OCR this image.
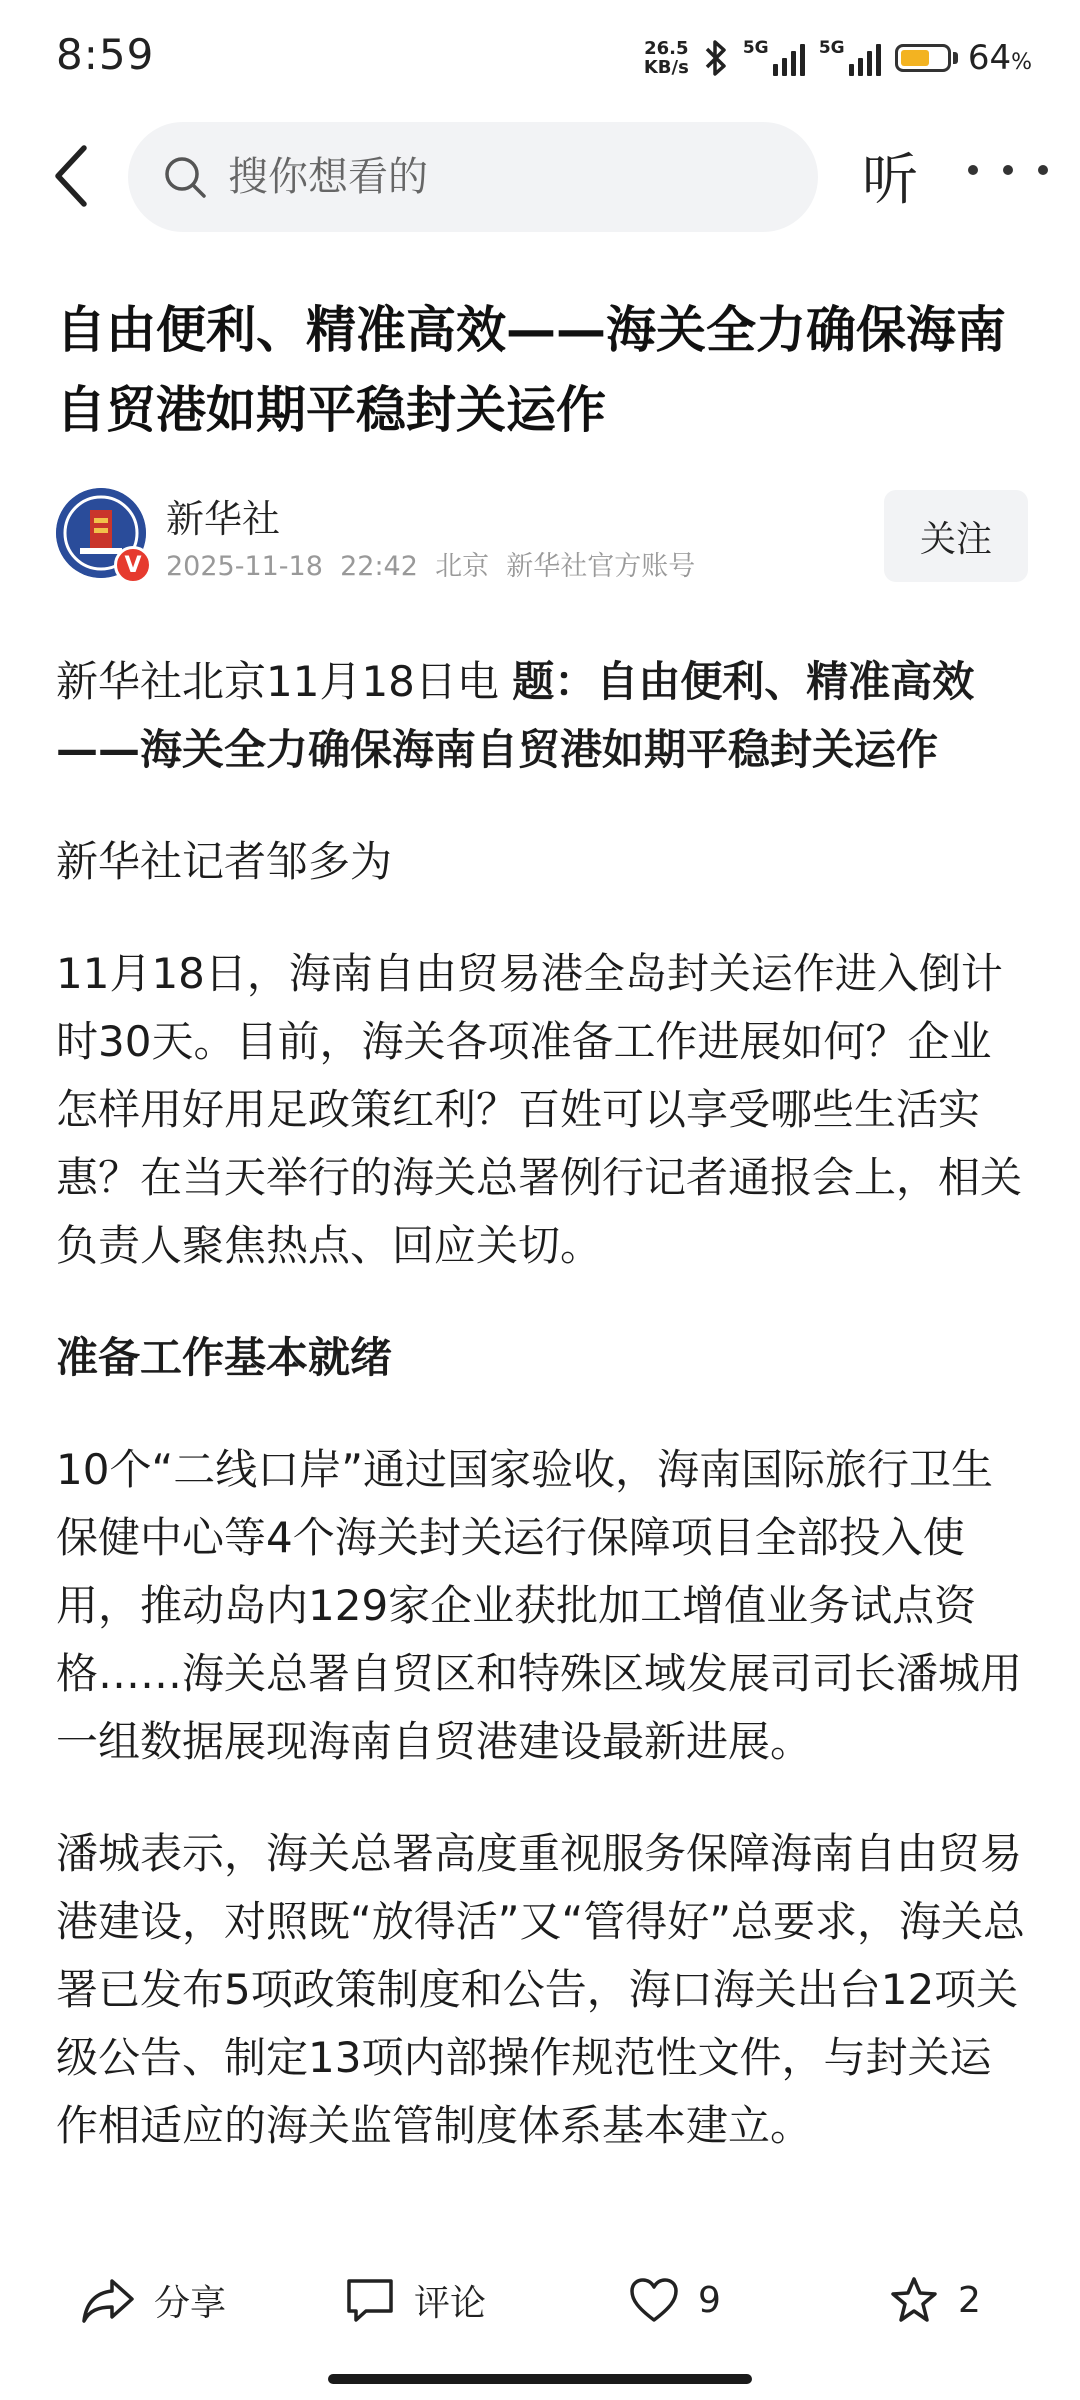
8:59	26.5
KB/s
5G	5G	64%
搜你想看的
听
自由便利、精准高效——海关全力确保海南自贸港如期平稳封关运作
V
新华社
2025-11-18 22:42 北京 新华社官方账号
关注

新华社北京11月18日电 题：自由便利、精准高效——海关全力确保海南自贸港如期平稳封关运作

新华社记者邹多为

11月18日，海南自由贸易港全岛封关运作进入倒计时30天。目前，海关各项准备工作进展如何？企业怎样用好用足政策红利？百姓可以享受哪些生活实惠？在当天举行的海关总署例行记者通报会上，相关负责人聚焦热点、回应关切。

准备工作基本就绪

10个“二线口岸”通过国家验收，海南国际旅行卫生保健中心等4个海关封关运行保障项目全部投入使用，推动岛内129家企业获批加工增值业务试点资格……海关总署自贸区和特殊区域发展司司长潘城用一组数据展现海南自贸港建设最新进展。

潘城表示，海关总署高度重视服务保障海南自由贸易港建设，对照既“放得活”又“管得好”总要求，海关总署已发布5项政策制度和公告，海口海关出台12项关级公告、制定13项内部操作规范性文件，与封关运作相适应的海关监管制度体系基本建立。

分享	评论	9	2
